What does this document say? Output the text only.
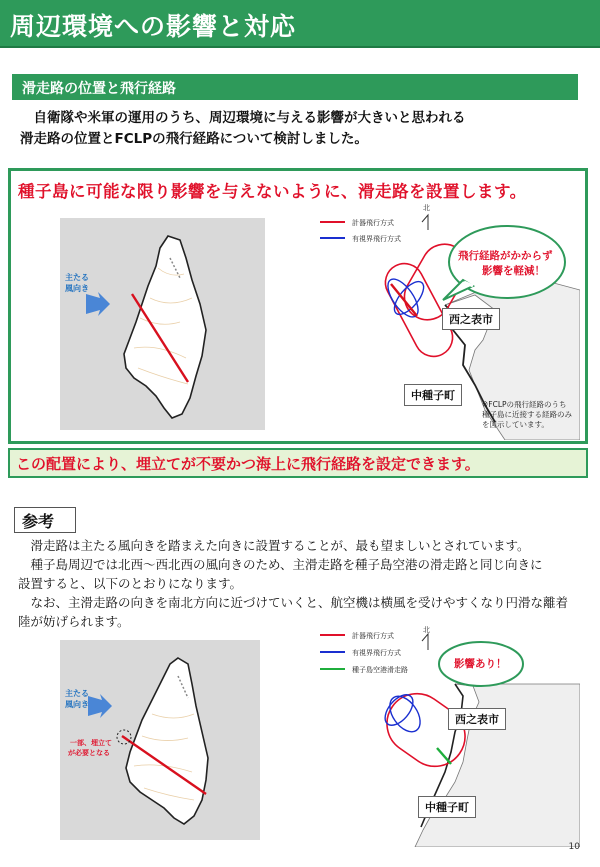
周辺環境への影響と対応
滑走路の位置と飛行経路
　自衛隊や米軍の運用のうち、周辺環境に与える影響が大きいと思われる
滑走路の位置とFCLPの飛行経路について検討しました。
種子島に可能な限り影響を与えないように、滑走路を設置します。
主たる
風向き
計器飛行方式
有視界飛行方式
北
飛行経路がかからず
影響を軽減！
西之表市
中種子町
※FCLPの飛行経路のうち
種子島に近接する経路のみ
を図示しています。
この配置により、埋立てが不要かつ海上に飛行経路を設定できます。
参考
　滑走路は主たる風向きを踏まえた向きに設置することが、最も望ましいとされています。
　種子島周辺では北西～西北西の風向きのため、主滑走路を種子島空港の滑走路と同じ向きに
設置すると、以下のとおりになります。
　なお、主滑走路の向きを南北方向に近づけていくと、航空機は横風を受けやすくなり円滑な離着
陸が妨げられます。
主たる
風向き
一部、埋立て
が必要となる
計器飛行方式
有視界飛行方式
種子島空港滑走路
北
影響あり！
西之表市
中種子町
10
